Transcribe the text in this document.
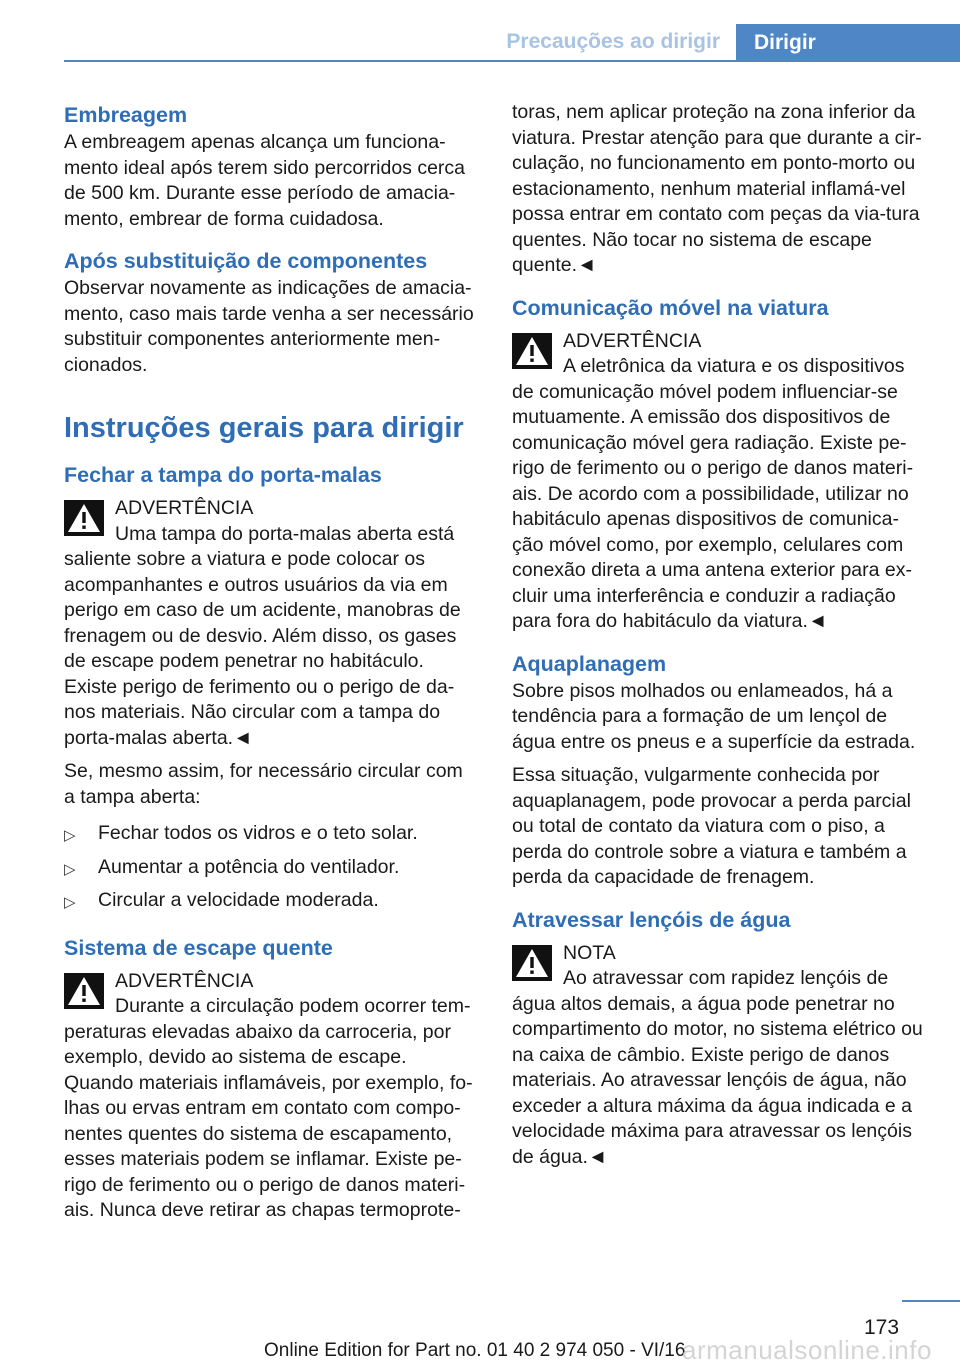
Precauções ao dirigir Dirigir
Embreagem

A embreagem apenas alcança um funciona-mento ideal após terem sido percorridos cerca de 500 km. Durante esse período de amacia-mento, embrear de forma cuidadosa.

Após substituição de componentes

Observar novamente as indicações de amacia-mento, caso mais tarde venha a ser necessário substituir componentes anteriormente men-cionados.

Instruções gerais para dirigir
Fechar a tampa do porta-malas
ADVERTÊNCIA

Uma tampa do porta-malas aberta está saliente sobre a viatura e pode colocar os acompanhantes e outros usuários da via em perigo em caso de um acidente, manobras de frenagem ou de desvio. Além disso, os gases de escape podem penetrar no habitáculo. Existe perigo de ferimento ou o perigo de da-nos materiais. Não circular com a tampa do porta-malas aberta.◄

Se, mesmo assim, for necessário circular com a tampa aberta:

▷ Fechar todos os vidros e o teto solar.
▷ Aumentar a potência do ventilador.
▷ Circular a velocidade moderada.
Sistema de escape quente
ADVERTÊNCIA

Durante a circulação podem ocorrer tem-peraturas elevadas abaixo da carroceria, por exemplo, devido ao sistema de escape. Quando materiais inflamáveis, por exemplo, fo-lhas ou ervas entram em contato com compo-nentes quentes do sistema de escapamento, esses materiais podem se inflamar. Existe pe-rigo de ferimento ou o perigo de danos materi-ais. Nunca deve retirar as chapas termoprote-

toras, nem aplicar proteção na zona inferior da viatura. Prestar atenção para que durante a cir-culação, no funcionamento em ponto-morto ou estacionamento, nenhum material inflamá-vel possa entrar em contato com peças da via-tura quentes. Não tocar no sistema de escape quente.◄

Comunicação móvel na viatura
ADVERTÊNCIA

A eletrônica da viatura e os dispositivos de comunicação móvel podem influenciar-se mutuamente. A emissão dos dispositivos de comunicação móvel gera radiação. Existe pe-rigo de ferimento ou o perigo de danos materi-ais. De acordo com a possibilidade, utilizar no habitáculo apenas dispositivos de comunica-ção móvel como, por exemplo, celulares com conexão direta a uma antena exterior para ex-cluir uma interferência e conduzir a radiação para fora do habitáculo da viatura.◄

Aquaplanagem

Sobre pisos molhados ou enlameados, há a tendência para a formação de um lençol de água entre os pneus e a superfície da estrada.

Essa situação, vulgarmente conhecida por aquaplanagem, pode provocar a perda parcial ou total de contato da viatura com o piso, a perda do controle sobre a viatura e também a perda da capacidade de frenagem.

Atravessar lençóis de água
NOTA

Ao atravessar com rapidez lençóis de água altos demais, a água pode penetrar no compartimento do motor, no sistema elétrico ou na caixa de câmbio. Existe perigo de danos materiais. Ao atravessar lençóis de água, não exceder a altura máxima da água indicada e a velocidade máxima para atravessar os lençóis de água.◄

173
Online Edition for Part no. 01 40 2 974 050 - VI/16
armanualsonline.info
